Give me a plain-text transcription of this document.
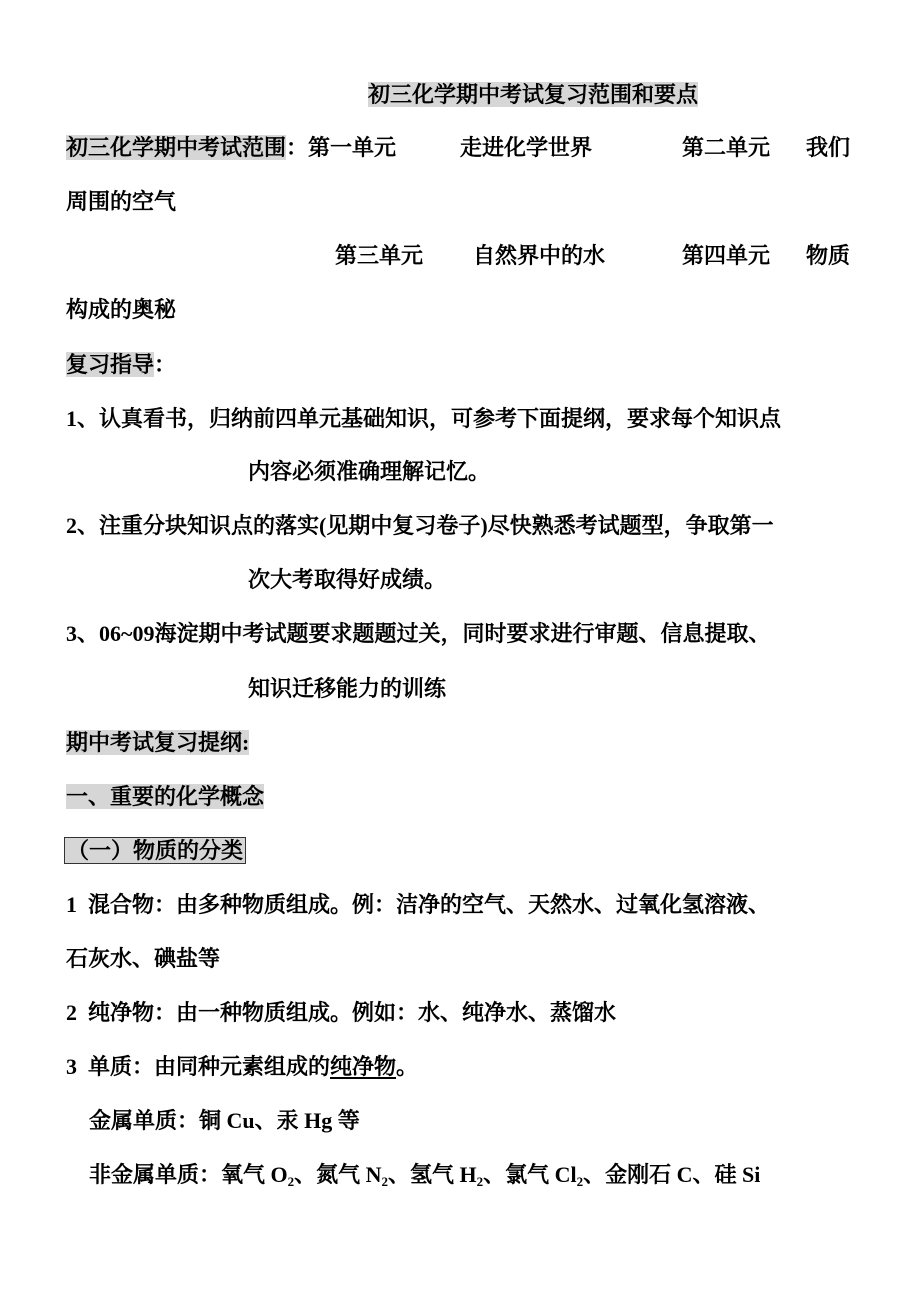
初三化学期中考试复习范围和要点
初三化学期中考试范围：第一单元	走进化学世界	第二单元 我们
周围的空气
第三单元 自然界中的水	第四单元 物质
构成的奥秘
复习指导：
1、认真看书，归纳前四单元基础知识，可参考下面提纲，要求每个知识点
内容必须准确理解记忆。
2、注重分块知识点的落实(见期中复习卷子)尽快熟悉考试题型，争取第一
次大考取得好成绩。
3、06~09海淀期中考试题要求题题过关，同时要求进行审题、信息提取、
知识迁移能力的训练
期中考试复习提纲:
一、重要的化学概念
（一）物质的分类
1  混合物：由多种物质组成。例：洁净的空气、天然水、过氧化氢溶液、
石灰水、碘盐等
2  纯净物：由一种物质组成。例如：水、纯净水、蒸馏水
3  单质：由同种元素组成的纯净物。
金属单质：铜 Cu、汞 Hg 等
非金属单质：氧气 $O_2$、氮气 $N_2$、氢气 $H_2$、氯气 $Cl_2$、金刚石 C、硅 Si
